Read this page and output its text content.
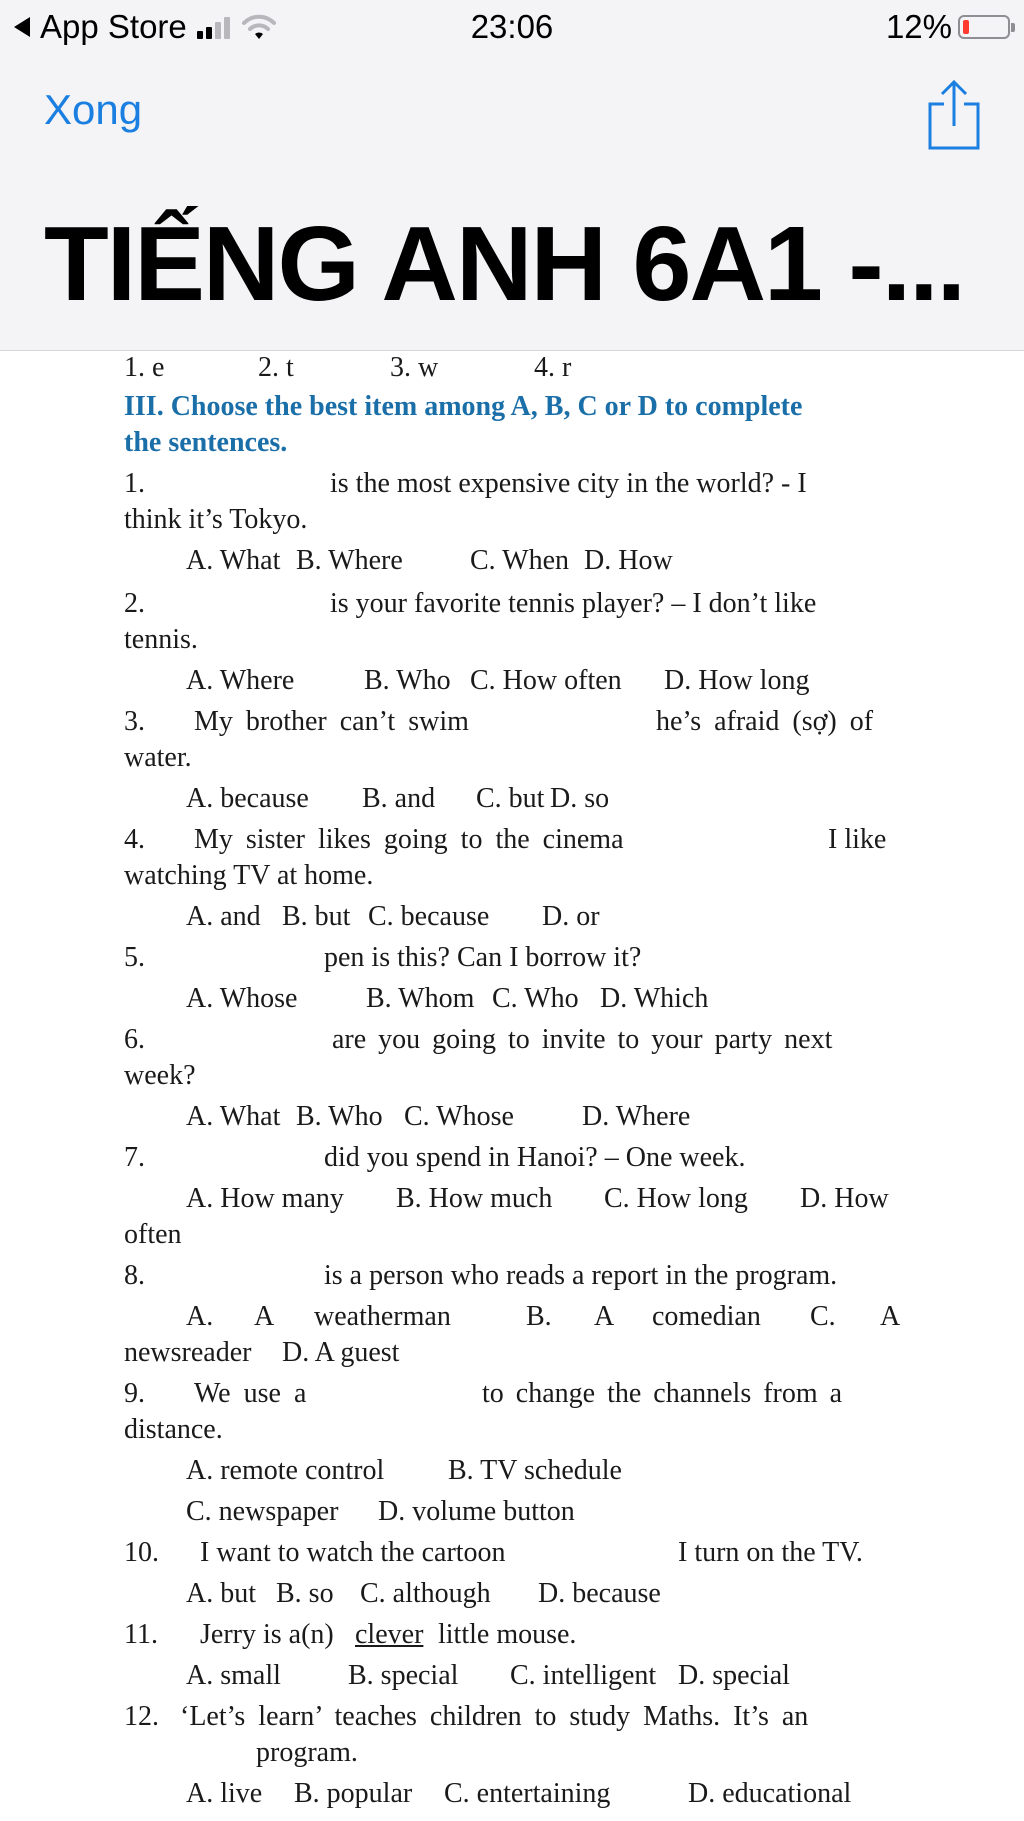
App Store	23:06	12%
Xong
TIẾNG ANH 6A1 -...
1. e	2. t	3. w	4. r
III. Choose the best item among A, B, C or D to complete
the sentences.
1.	is the most expensive city in the world? - I
think it’s Tokyo.
A. What B. Where C. When D. How
2.	is your favorite tennis player? – I don’t like
tennis.
A. Where B. Who C. How often D. How long
3. My brother can’t swim	he’s afraid (sợ) of
water.
A. because B. and C. but D. so
4. My sister likes going to the cinema	I like
watching TV at home.
A. and B. but C. because D. or
5.	pen is this? Can I borrow it?
A. Whose B. Whom C. Who D. Which
6.	are you going to invite to your party next
week?
A. What B. Who C. Whose D. Where
7.	did you spend in Hanoi? – One week.
A. How many B. How much C. How long D. How
often
8.	is a person who reads a report in the program.
A. A weatherman	B. A comedian C. A
newsreader D. A guest
9. We use a	to change the channels from a
distance.
A. remote control B. TV schedule
C. newspaper D. volume button
10. I want to watch the cartoon	I turn on the TV.
A. but B. so C. although D. because
11. Jerry is a(n) clever little mouse.
A. small B. special C. intelligent D. special
12. ‘Let’s learn’ teaches children to study Maths. It’s an
program.
A. live B. popular C. entertaining	D. educational
